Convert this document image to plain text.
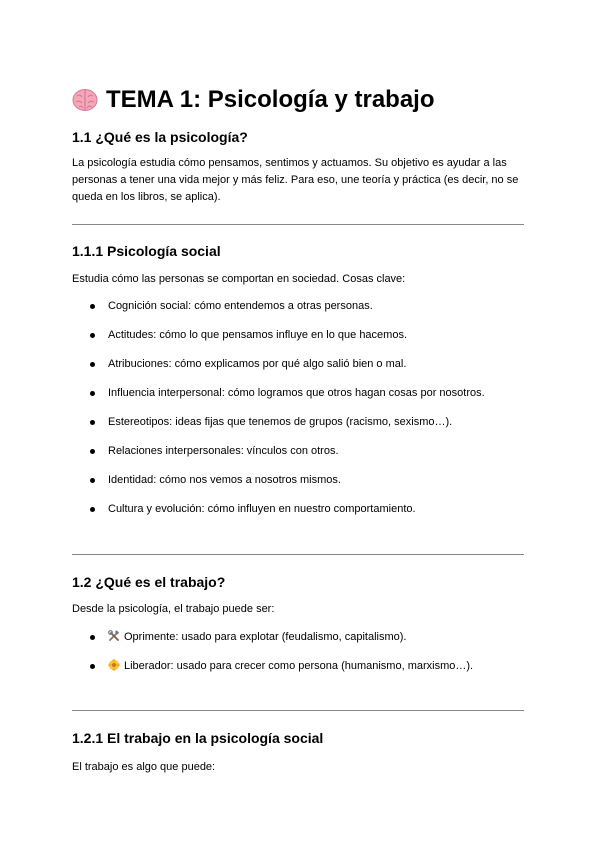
TEMA 1: Psicología y trabajo
1.1 ¿Qué es la psicología?

La psicología estudia cómo pensamos, sentimos y actuamos. Su objetivo es ayudar a las personas a tener una vida mejor y más feliz. Para eso, une teoría y práctica (es decir, no se queda en los libros, se aplica).

1.1.1 Psicología social

Estudia cómo las personas se comportan en sociedad. Cosas clave:

Cognición social: cómo entendemos a otras personas.
Actitudes: cómo lo que pensamos influye en lo que hacemos.
Atribuciones: cómo explicamos por qué algo salió bien o mal.
Influencia interpersonal: cómo logramos que otros hagan cosas por nosotros.
Estereotipos: ideas fijas que tenemos de grupos (racismo, sexismo…).
Relaciones interpersonales: vínculos con otros.
Identidad: cómo nos vemos a nosotros mismos.
Cultura y evolución: cómo influyen en nuestro comportamiento.
1.2 ¿Qué es el trabajo?

Desde la psicología, el trabajo puede ser:

Oprimente: usado para explotar (feudalismo, capitalismo).
Liberador: usado para crecer como persona (humanismo, marxismo…).
1.2.1 El trabajo en la psicología social

El trabajo es algo que puede:
